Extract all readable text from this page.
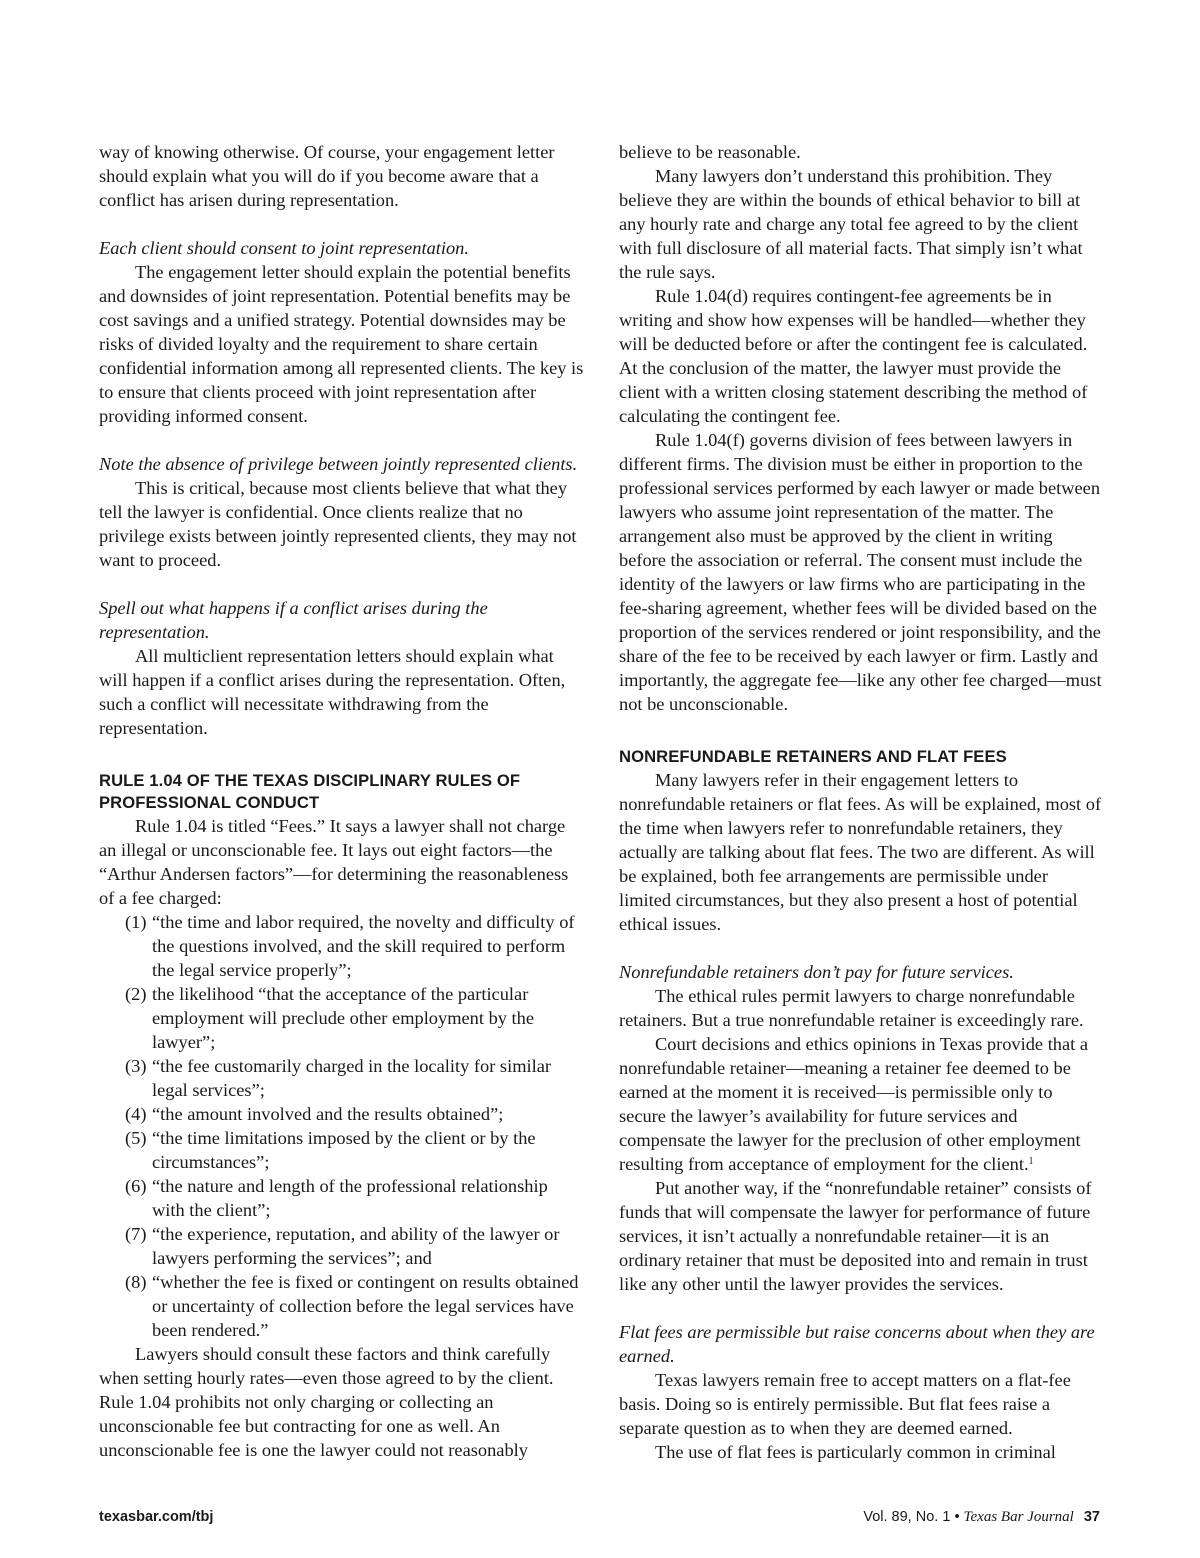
way of knowing otherwise. Of course, your engagement letter should explain what you will do if you become aware that a conflict has arisen during representation.

Each client should consent to joint representation.

The engagement letter should explain the potential benefits and downsides of joint representation. Potential benefits may be cost savings and a unified strategy. Potential downsides may be risks of divided loyalty and the requirement to share certain confidential information among all represented clients. The key is to ensure that clients proceed with joint representation after providing informed consent.

Note the absence of privilege between jointly represented clients.

This is critical, because most clients believe that what they tell the lawyer is confidential. Once clients realize that no privilege exists between jointly represented clients, they may not want to proceed.

Spell out what happens if a conflict arises during the representation.

All multiclient representation letters should explain what will happen if a conflict arises during the representation. Often, such a conflict will necessitate withdrawing from the representation.

RULE 1.04 OF THE TEXAS DISCIPLINARY RULES OF PROFESSIONAL CONDUCT

Rule 1.04 is titled “Fees.” It says a lawyer shall not charge an illegal or unconscionable fee. It lays out eight factors—the “Arthur Andersen factors”—for determining the reasonableness of a fee charged:

(1) “the time and labor required, the novelty and difficulty of the questions involved, and the skill required to perform the legal service properly”;
(2) the likelihood “that the acceptance of the particular employment will preclude other employment by the lawyer”;
(3) “the fee customarily charged in the locality for similar legal services”;
(4) “the amount involved and the results obtained”;
(5) “the time limitations imposed by the client or by the circumstances”;
(6) “the nature and length of the professional relationship with the client”;
(7) “the experience, reputation, and ability of the lawyer or lawyers performing the services”; and
(8) “whether the fee is fixed or contingent on results obtained or uncertainty of collection before the legal services have been rendered.”

Lawyers should consult these factors and think carefully when setting hourly rates—even those agreed to by the client. Rule 1.04 prohibits not only charging or collecting an unconscionable fee but contracting for one as well. An unconscionable fee is one the lawyer could not reasonably

believe to be reasonable.

Many lawyers don’t understand this prohibition. They believe they are within the bounds of ethical behavior to bill at any hourly rate and charge any total fee agreed to by the client with full disclosure of all material facts. That simply isn’t what the rule says.

Rule 1.04(d) requires contingent-fee agreements be in writing and show how expenses will be handled—whether they will be deducted before or after the contingent fee is calculated. At the conclusion of the matter, the lawyer must provide the client with a written closing statement describing the method of calculating the contingent fee.

Rule 1.04(f) governs division of fees between lawyers in different firms. The division must be either in proportion to the professional services performed by each lawyer or made between lawyers who assume joint representation of the matter. The arrangement also must be approved by the client in writing before the association or referral. The consent must include the identity of the lawyers or law firms who are participating in the fee-sharing agreement, whether fees will be divided based on the proportion of the services rendered or joint responsibility, and the share of the fee to be received by each lawyer or firm. Lastly and importantly, the aggregate fee—like any other fee charged—must not be unconscionable.

NONREFUNDABLE RETAINERS AND FLAT FEES

Many lawyers refer in their engagement letters to nonrefundable retainers or flat fees. As will be explained, most of the time when lawyers refer to nonrefundable retainers, they actually are talking about flat fees. The two are different. As will be explained, both fee arrangements are permissible under limited circumstances, but they also present a host of potential ethical issues.

Nonrefundable retainers don’t pay for future services.

The ethical rules permit lawyers to charge nonrefundable retainers. But a true nonrefundable retainer is exceedingly rare.

Court decisions and ethics opinions in Texas provide that a nonrefundable retainer—meaning a retainer fee deemed to be earned at the moment it is received—is permissible only to secure the lawyer’s availability for future services and compensate the lawyer for the preclusion of other employment resulting from acceptance of employment for the client.$^1$

Put another way, if the “nonrefundable retainer” consists of funds that will compensate the lawyer for performance of future services, it isn’t actually a nonrefundable retainer—it is an ordinary retainer that must be deposited into and remain in trust like any other until the lawyer provides the services.

Flat fees are permissible but raise concerns about when they are earned.

Texas lawyers remain free to accept matters on a flat-fee basis. Doing so is entirely permissible. But flat fees raise a separate question as to when they are deemed earned.

The use of flat fees is particularly common in criminal

texasbar.com/tbj	Vol. 89, No. 1 • Texas Bar Journal 37
